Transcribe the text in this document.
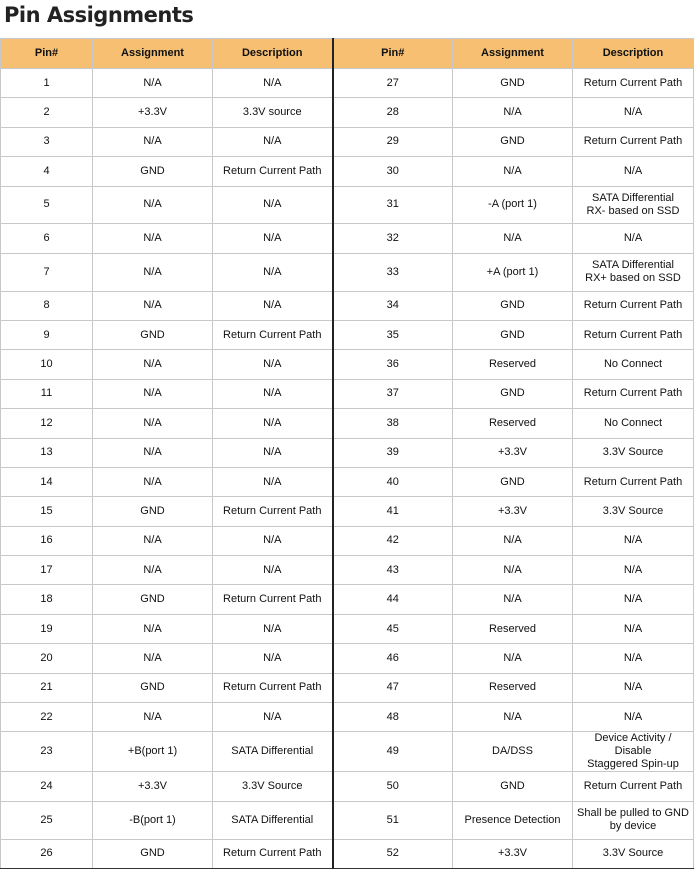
Pin Assignments
Pin#	Assignment	Description	Pin#	Assignment	Description
1	N/A	N/A	27	GND	Return Current Path
2	+3.3V	3.3V source	28	N/A	N/A
3	N/A	N/A	29	GND	Return Current Path
4	GND	Return Current Path	30	N/A	N/A
5	N/A	N/A	31	-A (port 1)	SATA Differential
RX- based on SSD
6	N/A	N/A	32	N/A	N/A
7	N/A	N/A	33	+A (port 1)	SATA Differential
RX+ based on SSD
8	N/A	N/A	34	GND	Return Current Path
9	GND	Return Current Path	35	GND	Return Current Path
10	N/A	N/A	36	Reserved	No Connect
11	N/A	N/A	37	GND	Return Current Path
12	N/A	N/A	38	Reserved	No Connect
13	N/A	N/A	39	+3.3V	3.3V Source
14	N/A	N/A	40	GND	Return Current Path
15	GND	Return Current Path	41	+3.3V	3.3V Source
16	N/A	N/A	42	N/A	N/A
17	N/A	N/A	43	N/A	N/A
18	GND	Return Current Path	44	N/A	N/A
19	N/A	N/A	45	Reserved	N/A
20	N/A	N/A	46	N/A	N/A
21	GND	Return Current Path	47	Reserved	N/A
22	N/A	N/A	48	N/A	N/A
23	+B(port 1)	SATA Differential	49	DA/DSS	Device Activity / Disable
Staggered Spin-up
24	+3.3V	3.3V Source	50	GND	Return Current Path
25	-B(port 1)	SATA Differential	51	Presence Detection	Shall be pulled to GND
by device
26	GND	Return Current Path	52	+3.3V	3.3V Source
